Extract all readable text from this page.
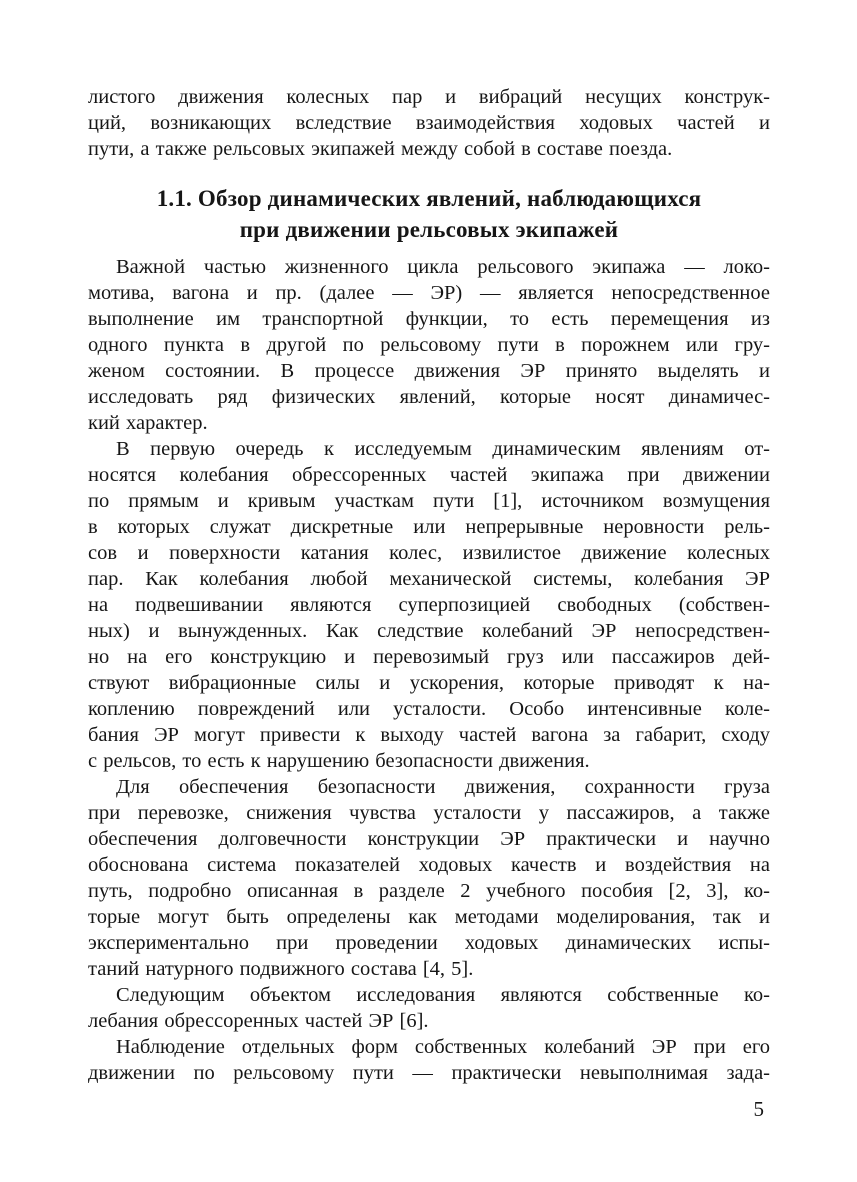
листого движения колесных пар и вибраций несущих конструк-
ций, возникающих вследствие взаимодействия ходовых частей и
пути, а также рельсовых экипажей между собой в составе поезда.
1.1. Обзор динамических явлений, наблюдающихся
при движении рельсовых экипажей
Важной частью жизненного цикла рельсового экипажа — локо-
мотива, вагона и пр. (далее — ЭР) — является непосредственное
выполнение им транспортной функции, то есть перемещения из
одного пункта в другой по рельсовому пути в порожнем или гру-
женом состоянии. В процессе движения ЭР принято выделять и
исследовать ряд физических явлений, которые носят динамичес-
кий характер.
В первую очередь к исследуемым динамическим явлениям от-
носятся колебания обрессоренных частей экипажа при движении
по прямым и кривым участкам пути [1], источником возмущения
в которых служат дискретные или непрерывные неровности рель-
сов и поверхности катания колес, извилистое движение колесных
пар. Как колебания любой механической системы, колебания ЭР
на подвешивании являются суперпозицией свободных (собствен-
ных) и вынужденных. Как следствие колебаний ЭР непосредствен-
но на его конструкцию и перевозимый груз или пассажиров дей-
ствуют вибрационные силы и ускорения, которые приводят к на-
коплению повреждений или усталости. Особо интенсивные коле-
бания ЭР могут привести к выходу частей вагона за габарит, сходу
с рельсов, то есть к нарушению безопасности движения.
Для обеспечения безопасности движения, сохранности груза
при перевозке, снижения чувства усталости у пассажиров, а также
обеспечения долговечности конструкции ЭР практически и научно
обоснована система показателей ходовых качеств и воздействия на
путь, подробно описанная в разделе 2 учебного пособия [2, 3], ко-
торые могут быть определены как методами моделирования, так и
экспериментально при проведении ходовых динамических испы-
таний натурного подвижного состава [4, 5].
Следующим объектом исследования являются собственные ко-
лебания обрессоренных частей ЭР [6].
Наблюдение отдельных форм собственных колебаний ЭР при его
движении по рельсовому пути — практически невыполнимая зада-
5
